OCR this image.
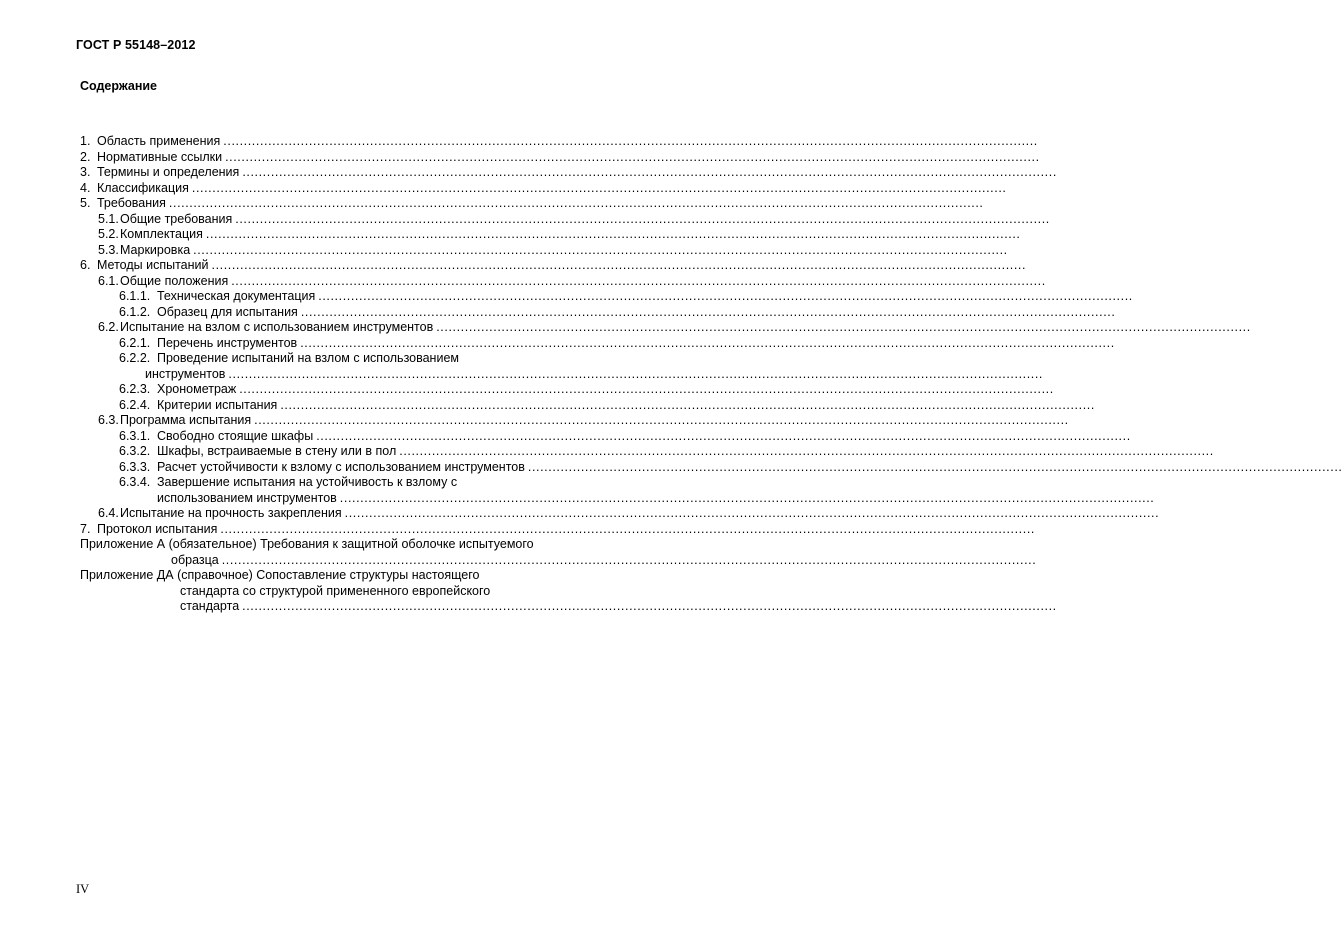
ГОСТ Р 55148–2012
Содержание
1. Область применения ........................................................................................................................................................................................................
2. Нормативные ссылки ........................................................................................................................................................................................................
3. Термины и определения ........................................................................................................................................................................................................
4. Классификация ........................................................................................................................................................................................................
5. Требования ........................................................................................................................................................................................................
5.1. Общие требования ........................................................................................................................................................................................................
5.2. Комплектация ........................................................................................................................................................................................................
5.3. Маркировка ........................................................................................................................................................................................................
6. Методы испытаний ........................................................................................................................................................................................................
6.1. Общие положения ........................................................................................................................................................................................................
6.1.1. Техническая документация ........................................................................................................................................................................................................
6.1.2. Образец для испытания ........................................................................................................................................................................................................
6.2. Испытание на взлом с использованием инструментов ........................................................................................................................................................................................................
6.2.1. Перечень инструментов ........................................................................................................................................................................................................
6.2.2. Проведение испытаний на взлом с использованием
инструментов ........................................................................................................................................................................................................
6.2.3. Хронометраж ........................................................................................................................................................................................................
6.2.4. Критерии испытания ........................................................................................................................................................................................................
6.3. Программа испытания ........................................................................................................................................................................................................
6.3.1. Свободно стоящие шкафы ........................................................................................................................................................................................................
6.3.2. Шкафы, встраиваемые в стену или в пол ........................................................................................................................................................................................................
6.3.3. Расчет устойчивости к взлому с использованием инструментов ........................................................................................................................................................................................................
6.3.4. Завершение испытания на устойчивость к взлому с
использованием инструментов ........................................................................................................................................................................................................
6.4. Испытание на прочность закрепления ........................................................................................................................................................................................................
7. Протокол испытания ........................................................................................................................................................................................................
Приложение А (обязательное) Требования к защитной оболочке испытуемого
образца ........................................................................................................................................................................................................
Приложение ДА (справочное) Сопоставление структуры настоящего
стандарта со структурой примененного европейского
стандарта ........................................................................................................................................................................................................
IV
